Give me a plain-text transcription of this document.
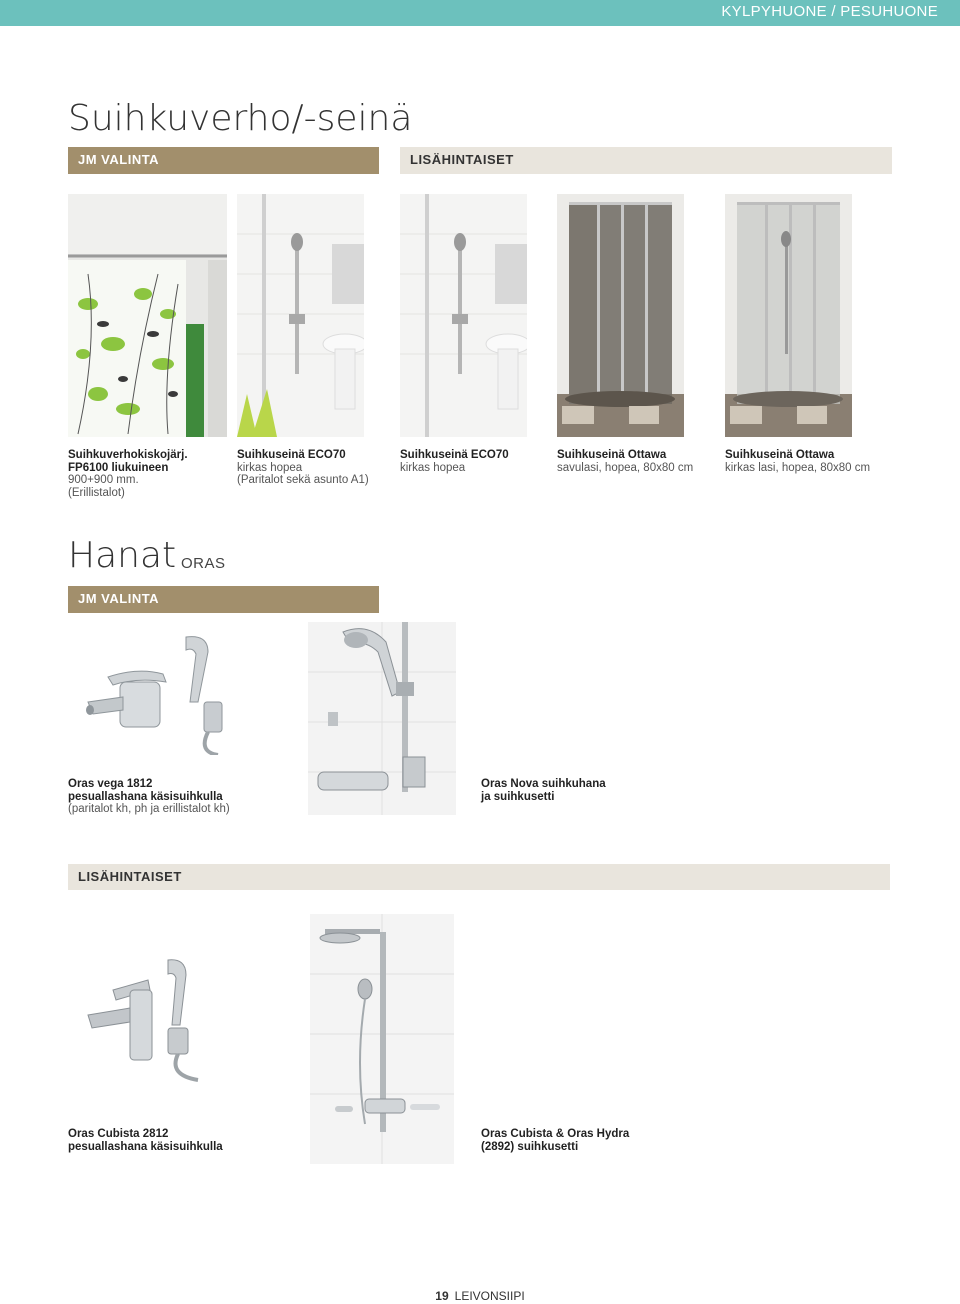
KYLPYHUONE / PESUHUONE
Suihkuverho/-seinä
JM VALINTA	LISÄHINTAISET
Suihkuverhokiskojärj.
FP6100 liukuineen
900+900 mm.
(Erillistalot)
Suihkuseinä ECO70
kirkas hopea
(Paritalot sekä asunto A1)
Suihkuseinä ECO70
kirkas hopea
Suihkuseinä Ottawa
savulasi, hopea, 80x80 cm
Suihkuseinä Ottawa
kirkas lasi, hopea, 80x80 cm
Hanat ORAS
JM VALINTA
Oras vega 1812
pesuallashana käsisuihkulla
(paritalot kh, ph ja erillistalot kh)
Oras Nova suihkuhana
ja suihkusetti
LISÄHINTAISET
Oras Cubista 2812
pesuallashana käsisuihkulla
Oras Cubista & Oras Hydra
(2892) suihkusetti
19 LEIVONSIIPI
